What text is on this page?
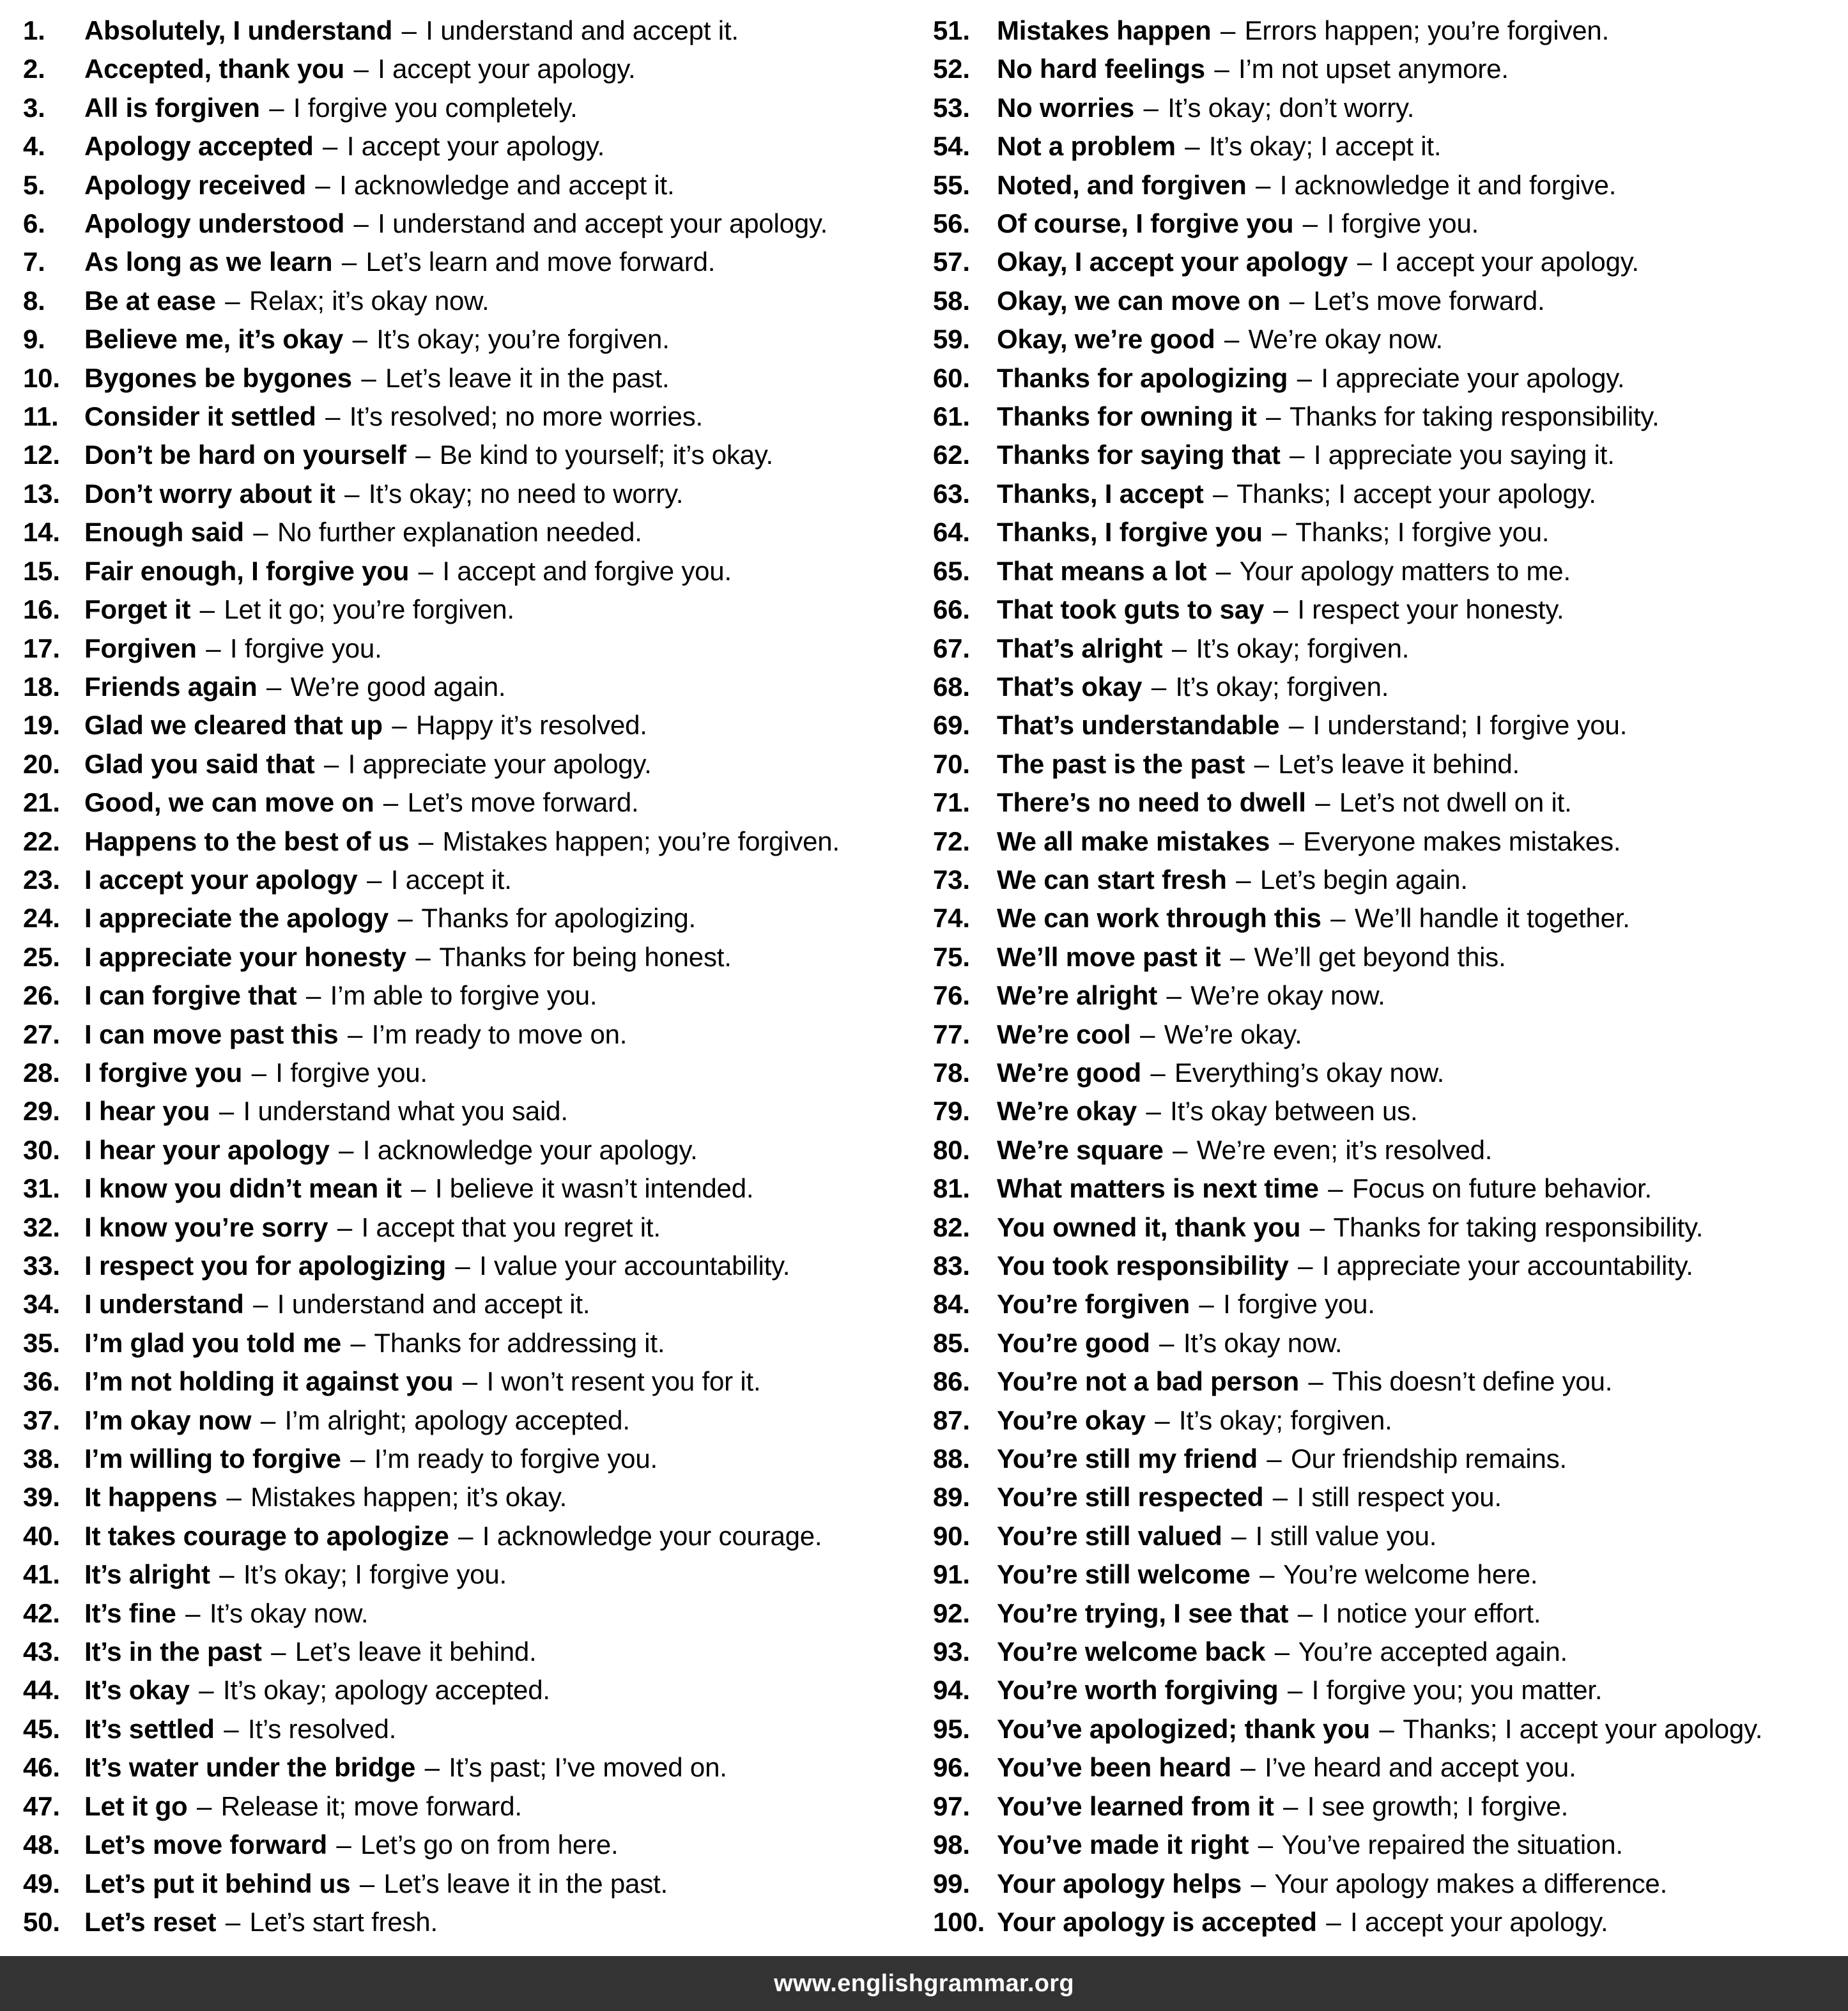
1.	Absolutely, I understand – I understand and accept it.
2.	Accepted, thank you – I accept your apology.
3.	All is forgiven – I forgive you completely.
4.	Apology accepted – I accept your apology.
5.	Apology received – I acknowledge and accept it.
6.	Apology understood – I understand and accept your apology.
7.	As long as we learn – Let’s learn and move forward.
8.	Be at ease – Relax; it’s okay now.
9.	Believe me, it’s okay – It’s okay; you’re forgiven.
10. Bygones be bygones – Let’s leave it in the past.
11. Consider it settled – It’s resolved; no more worries.
12. Don’t be hard on yourself – Be kind to yourself; it’s okay.
13. Don’t worry about it – It’s okay; no need to worry.
14. Enough said – No further explanation needed.
15. Fair enough, I forgive you – I accept and forgive you.
16. Forget it – Let it go; you’re forgiven.
17. Forgiven – I forgive you.
18. Friends again – We’re good again.
19. Glad we cleared that up – Happy it’s resolved.
20. Glad you said that – I appreciate your apology.
21. Good, we can move on – Let’s move forward.
22. Happens to the best of us – Mistakes happen; you’re forgiven.
23. I accept your apology – I accept it.
24. I appreciate the apology – Thanks for apologizing.
25. I appreciate your honesty – Thanks for being honest.
26. I can forgive that – I’m able to forgive you.
27. I can move past this – I’m ready to move on.
28. I forgive you – I forgive you.
29. I hear you – I understand what you said.
30. I hear your apology – I acknowledge your apology.
31. I know you didn’t mean it – I believe it wasn’t intended.
32. I know you’re sorry – I accept that you regret it.
33. I respect you for apologizing – I value your accountability.
34. I understand – I understand and accept it.
35. I’m glad you told me – Thanks for addressing it.
36. I’m not holding it against you – I won’t resent you for it.
37. I’m okay now – I’m alright; apology accepted.
38. I’m willing to forgive – I’m ready to forgive you.
39. It happens – Mistakes happen; it’s okay.
40. It takes courage to apologize – I acknowledge your courage.
41. It’s alright – It’s okay; I forgive you.
42. It’s fine – It’s okay now.
43. It’s in the past – Let’s leave it behind.
44. It’s okay – It’s okay; apology accepted.
45. It’s settled – It’s resolved.
46. It’s water under the bridge – It’s past; I’ve moved on.
47. Let it go – Release it; move forward.
48. Let’s move forward – Let’s go on from here.
49. Let’s put it behind us – Let’s leave it in the past.
50. Let’s reset – Let’s start fresh.
51.	Mistakes happen – Errors happen; you’re forgiven.
52.	No hard feelings – I’m not upset anymore.
53.	No worries – It’s okay; don’t worry.
54.	Not a problem – It’s okay; I accept it.
55.	Noted, and forgiven – I acknowledge it and forgive.
56.	Of course, I forgive you – I forgive you.
57.	Okay, I accept your apology – I accept your apology.
58.	Okay, we can move on – Let’s move forward.
59.	Okay, we’re good – We’re okay now.
60.	Thanks for apologizing – I appreciate your apology.
61.	Thanks for owning it – Thanks for taking responsibility.
62.	Thanks for saying that – I appreciate you saying it.
63.	Thanks, I accept – Thanks; I accept your apology.
64.	Thanks, I forgive you – Thanks; I forgive you.
65.	That means a lot – Your apology matters to me.
66.	That took guts to say – I respect your honesty.
67.	That’s alright – It’s okay; forgiven.
68.	That’s okay – It’s okay; forgiven.
69.	That’s understandable – I understand; I forgive you.
70.	The past is the past – Let’s leave it behind.
71.	There’s no need to dwell – Let’s not dwell on it.
72.	We all make mistakes – Everyone makes mistakes.
73.	We can start fresh – Let’s begin again.
74.	We can work through this – We’ll handle it together.
75.	We’ll move past it – We’ll get beyond this.
76.	We’re alright – We’re okay now.
77.	We’re cool – We’re okay.
78.	We’re good – Everything’s okay now.
79.	We’re okay – It’s okay between us.
80.	We’re square – We’re even; it’s resolved.
81.	What matters is next time – Focus on future behavior.
82.	You owned it, thank you – Thanks for taking responsibility.
83.	You took responsibility – I appreciate your accountability.
84.	You’re forgiven – I forgive you.
85.	You’re good – It’s okay now.
86.	You’re not a bad person – This doesn’t define you.
87.	You’re okay – It’s okay; forgiven.
88.	You’re still my friend – Our friendship remains.
89.	You’re still respected – I still respect you.
90.	You’re still valued – I still value you.
91.	You’re still welcome – You’re welcome here.
92.	You’re trying, I see that – I notice your effort.
93.	You’re welcome back – You’re accepted again.
94.	You’re worth forgiving – I forgive you; you matter.
95.	You’ve apologized; thank you – Thanks; I accept your apology.
96.	You’ve been heard – I’ve heard and accept you.
97.	You’ve learned from it – I see growth; I forgive.
98.	You’ve made it right – You’ve repaired the situation.
99.	Your apology helps – Your apology makes a difference.
100. Your apology is accepted – I accept your apology.
www.englishgrammar.org
